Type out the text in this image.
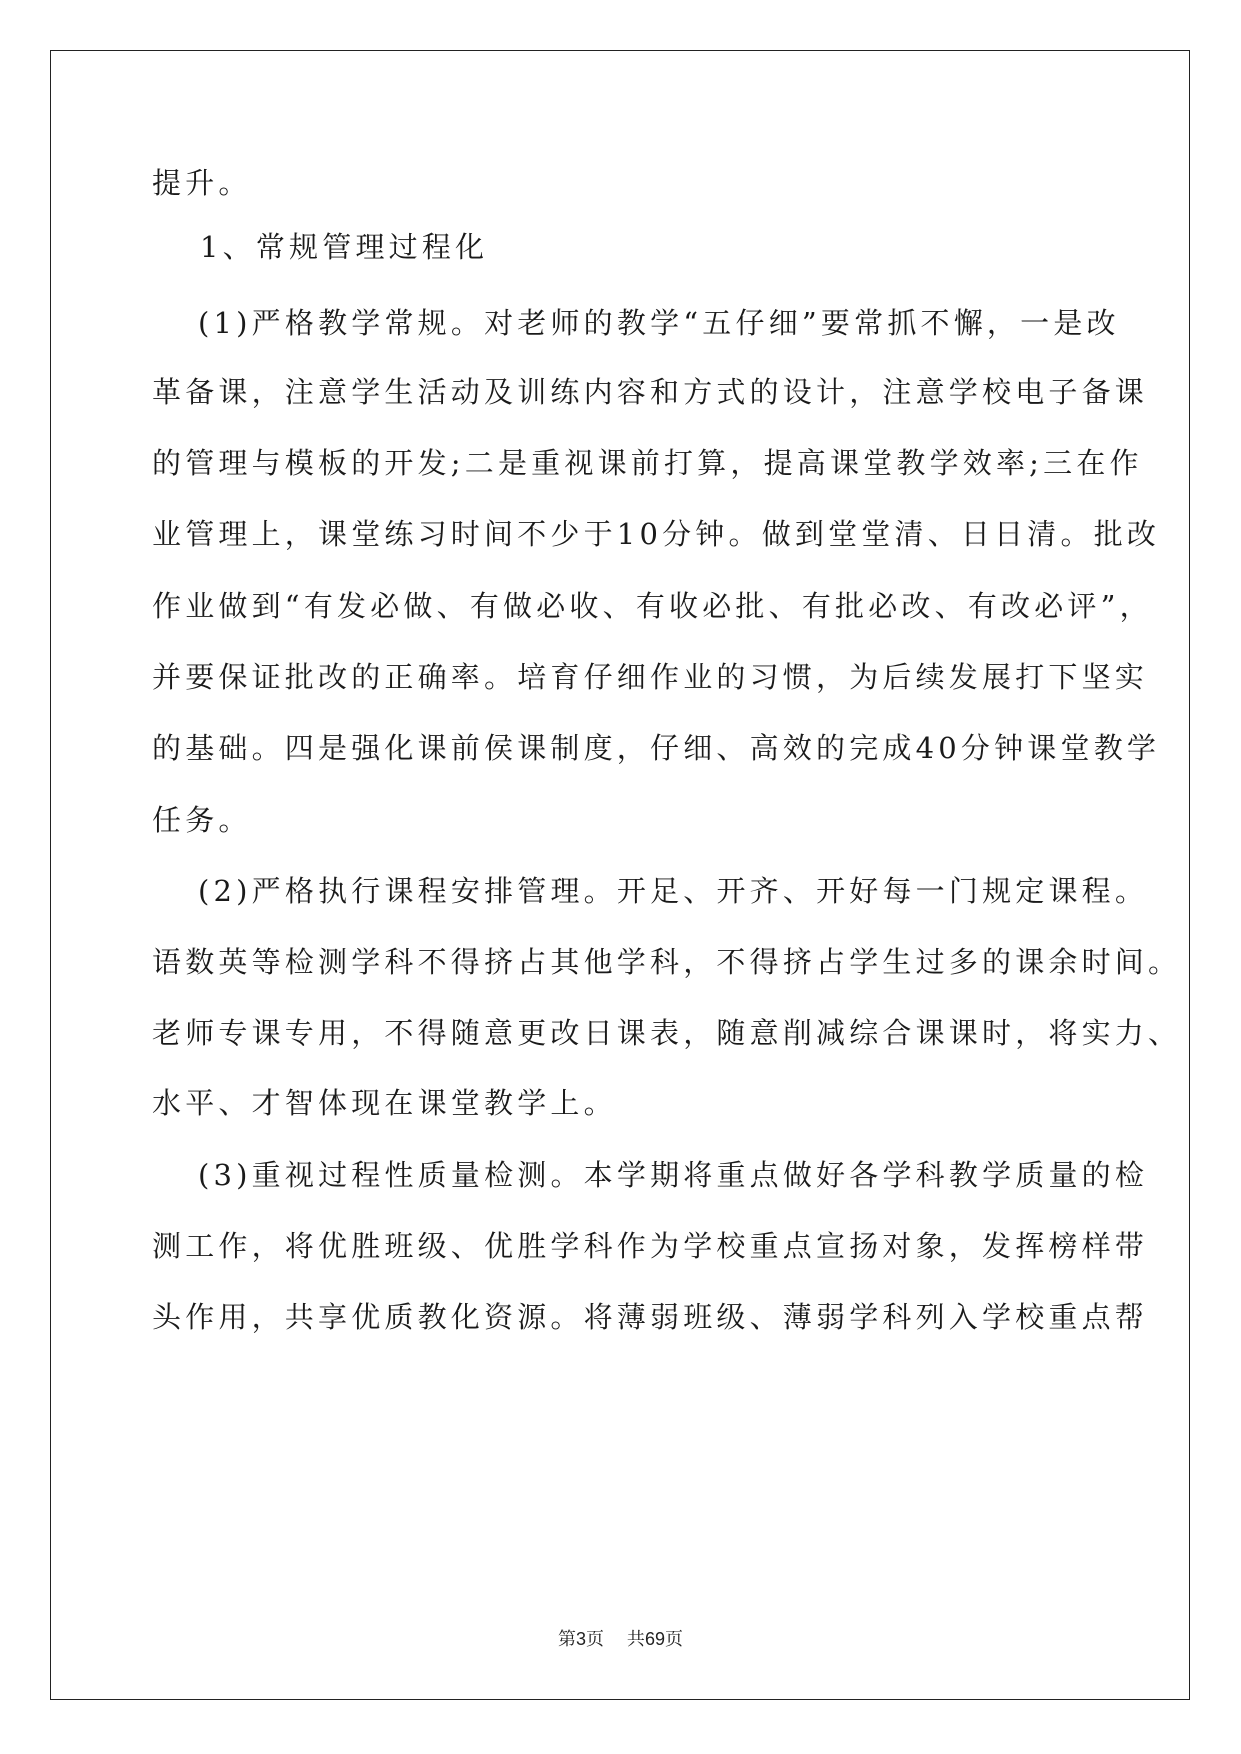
提升。
1、常规管理过程化
(1)严格教学常规。对老师的教学“五仔细”要常抓不懈，一是改
革备课，注意学生活动及训练内容和方式的设计，注意学校电子备课
的管理与模板的开发;二是重视课前打算，提高课堂教学效率;三在作
业管理上，课堂练习时间不少于10分钟。做到堂堂清、日日清。批改
作业做到“有发必做、有做必收、有收必批、有批必改、有改必评”，
并要保证批改的正确率。培育仔细作业的习惯，为后续发展打下坚实
的基础。四是强化课前侯课制度，仔细、高效的完成40分钟课堂教学
任务。
(2)严格执行课程安排管理。开足、开齐、开好每一门规定课程。
语数英等检测学科不得挤占其他学科，不得挤占学生过多的课余时间。
老师专课专用，不得随意更改日课表，随意削减综合课课时，将实力、
水平、才智体现在课堂教学上。
(3)重视过程性质量检测。本学期将重点做好各学科教学质量的检
测工作，将优胜班级、优胜学科作为学校重点宣扬对象，发挥榜样带
头作用，共享优质教化资源。将薄弱班级、薄弱学科列入学校重点帮
第3页    共69页
